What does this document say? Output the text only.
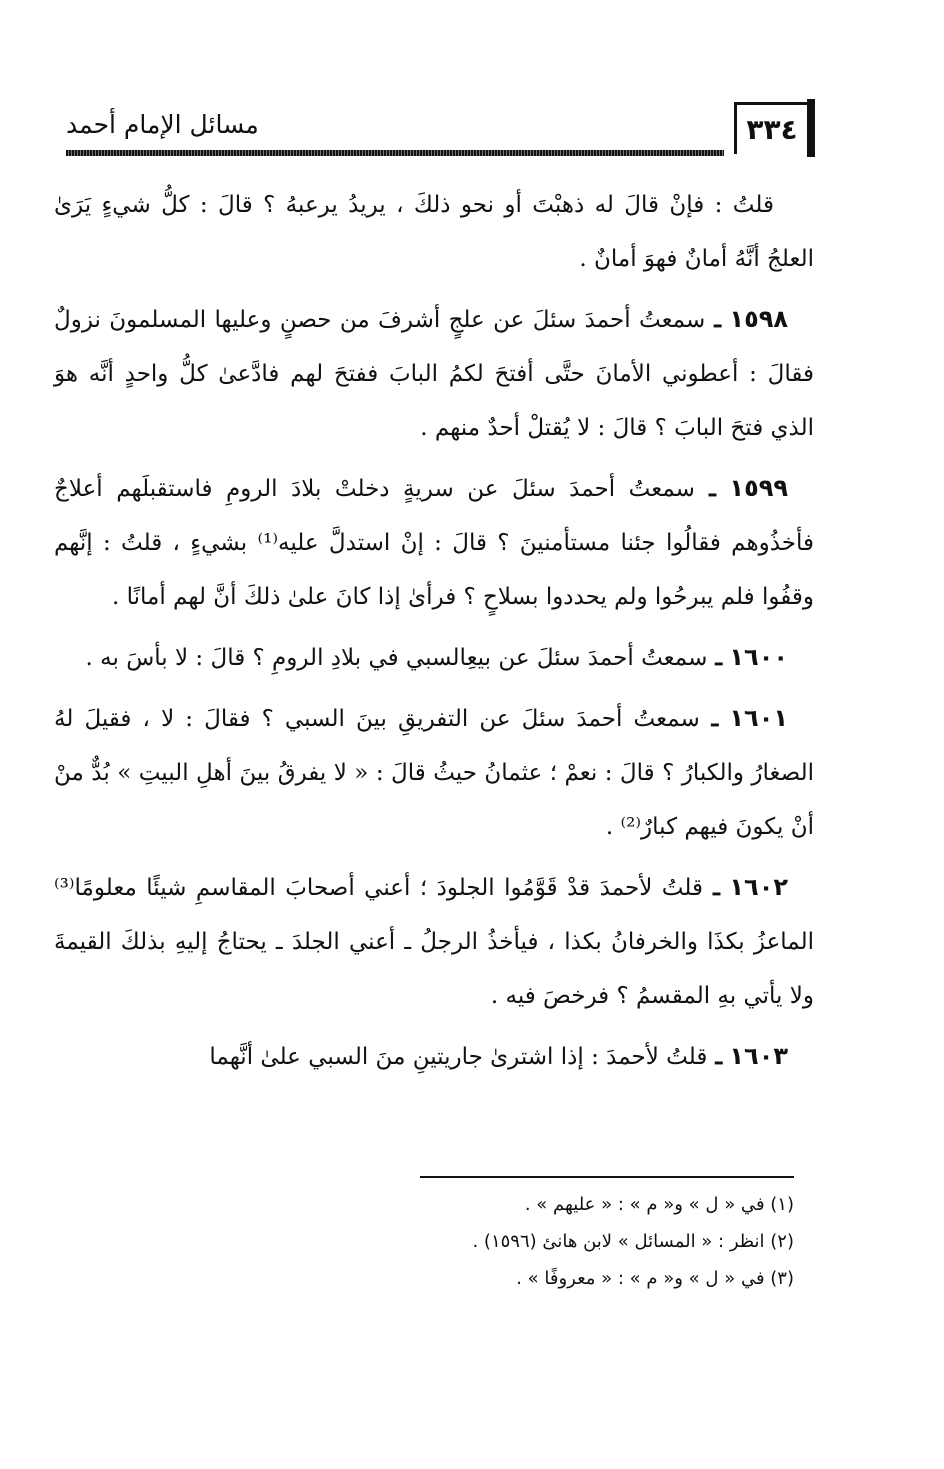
٣٣٤
مسائل الإمام أحمد

قلتُ : فإنْ قالَ له ذهبْتَ أو نحو ذلكَ ، يريدُ يرعبهُ ؟ قالَ : كلُّ شيءٍ يَرَىٰ العلجُ أنَّهُ أمانٌ فهوَ أمانٌ .

١٥٩٨ ـ سمعتُ أحمدَ سئلَ عن علجٍ أشرفَ من حصنٍ وعليها المسلمونَ نزولٌ فقالَ : أعطوني الأمانَ حتَّى أفتحَ لكمُ البابَ ففتحَ لهم فادَّعىٰ كلُّ واحدٍ أنَّه هوَ الذي فتحَ البابَ ؟ قالَ : لا يُقتلْ أحدٌ منهم .

١٥٩٩ ـ سمعتُ أحمدَ سئلَ عن سريةٍ دخلتْ بلادَ الرومِ فاستقبلَهم أعلاجٌ فأخذُوهم فقالُوا جئنا مستأمنينَ ؟ قالَ : إنْ استدلَّ عليه⁽¹⁾ بشيءٍ ، قلتُ : إنَّهم وقفُوا فلم يبرحُوا ولم يحددوا بسلاحٍ ؟ فرأىٰ إذا كانَ علىٰ ذلكَ أنَّ لهم أمانًا .

١٦٠٠ ـ سمعتُ أحمدَ سئلَ عن بيعِالسبي في بلادِ الرومِ ؟ قالَ : لا بأسَ به .

١٦٠١ ـ سمعتُ أحمدَ سئلَ عن التفريقِ بينَ السبي ؟ فقالَ : لا ، فقيلَ لهُ الصغارُ والكبارُ ؟ قالَ : نعمْ ؛ عثمانُ حيثُ قالَ : « لا يفرقُ بينَ أهلِ البيتِ » بُدٌّ منْ أنْ يكونَ فيهم كبارٌ⁽²⁾ .

١٦٠٢ ـ قلتُ لأحمدَ قدْ قَوَّمُوا الجلودَ ؛ أعني أصحابَ المقاسمِ شيئًا معلومًا⁽³⁾ الماعزُ بكذَا والخرفانُ بكذا ، فيأخذُ الرجلُ ـ أعني الجلدَ ـ يحتاجُ إليهِ بذلكَ القيمةَ ولا يأتي بهِ المقسمُ ؟ فرخصَ فيه .

١٦٠٣ ـ قلتُ لأحمدَ : إذا اشترىٰ جاريتينِ منَ السبي علىٰ أنَّهما

(١) في « ل » و« م » : « عليهم » .

(٢) انظر : « المسائل » لابن هانئ (١٥٩٦) .

(٣) في « ل » و« م » : « معروفًا » .
